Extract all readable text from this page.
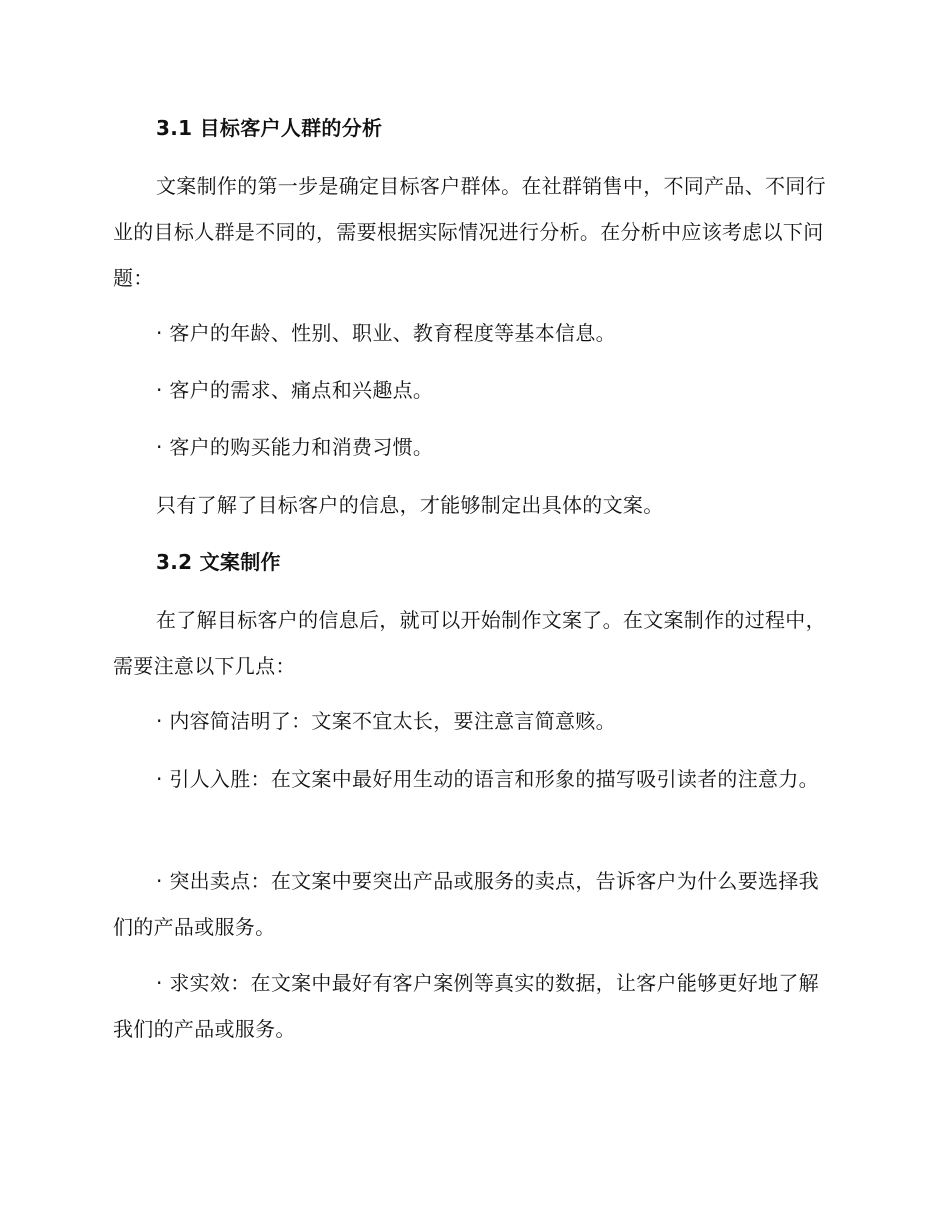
3.1 目标客户人群的分析

文案制作的第一步是确定目标客户群体。在社群销售中，不同产品、不同行业的目标人群是不同的，需要根据实际情况进行分析。在分析中应该考虑以下问题：

· 客户的年龄、性别、职业、教育程度等基本信息。

· 客户的需求、痛点和兴趣点。

· 客户的购买能力和消费习惯。

只有了解了目标客户的信息，才能够制定出具体的文案。

3.2 文案制作

在了解目标客户的信息后，就可以开始制作文案了。在文案制作的过程中，需要注意以下几点：

· 内容简洁明了：文案不宜太长，要注意言简意赅。

· 引人入胜：在文案中最好用生动的语言和形象的描写吸引读者的注意力。

· 突出卖点：在文案中要突出产品或服务的卖点，告诉客户为什么要选择我们的产品或服务。

· 求实效：在文案中最好有客户案例等真实的数据，让客户能够更好地了解我们的产品或服务。
